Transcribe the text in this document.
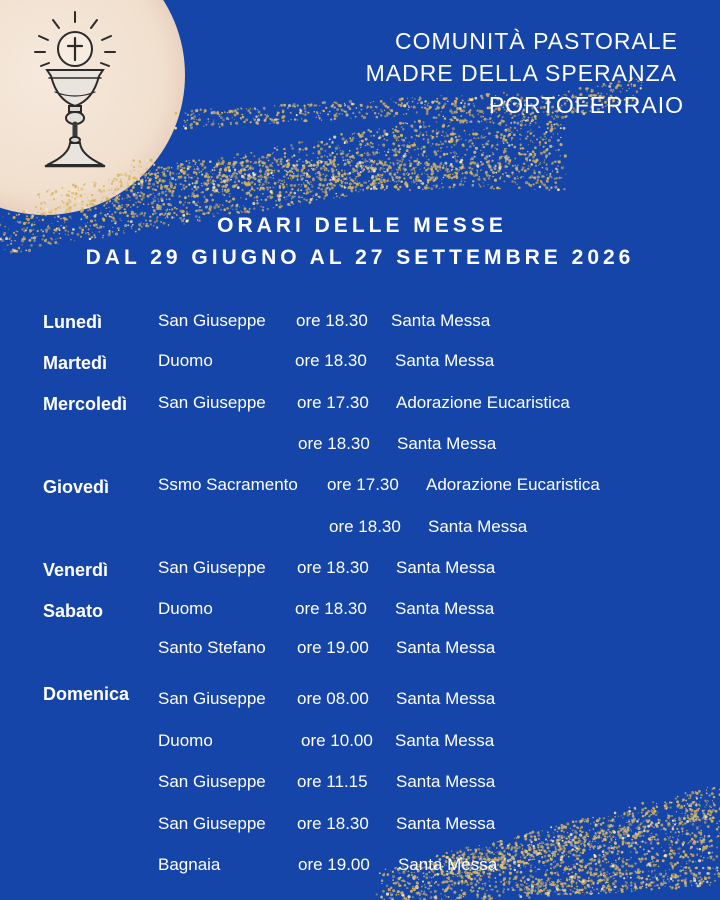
COMUNITÀ PASTORALE
MADRE DELLA SPERANZA
PORTOFERRAIO
ORARI DELLE MESSE
DAL 29 GIUGNO AL 27 SETTEMBRE 2026
Lunedì	San Giuseppe ore 18.30 Santa Messa
Martedì	Duomo	ore 18.30 Santa Messa
Mercoledì San Giuseppe ore 17.30 Adorazione Eucaristica
ore 18.30 Santa Messa
Giovedì	Ssmo Sacramento ore 17.30 Adorazione Eucaristica
ore 18.30 Santa Messa
Venerdì	San Giuseppe ore 18.30 Santa Messa
Sabato	Duomo	ore 18.30 Santa Messa
Santo Stefano ore 19.00 Santa Messa
Domenica San Giuseppe ore 08.00 Santa Messa
Duomo	ore 10.00 Santa Messa
San Giuseppe ore 11.15 Santa Messa
San Giuseppe ore 18.30 Santa Messa
Bagnaia	ore 19.00 Santa Messa
